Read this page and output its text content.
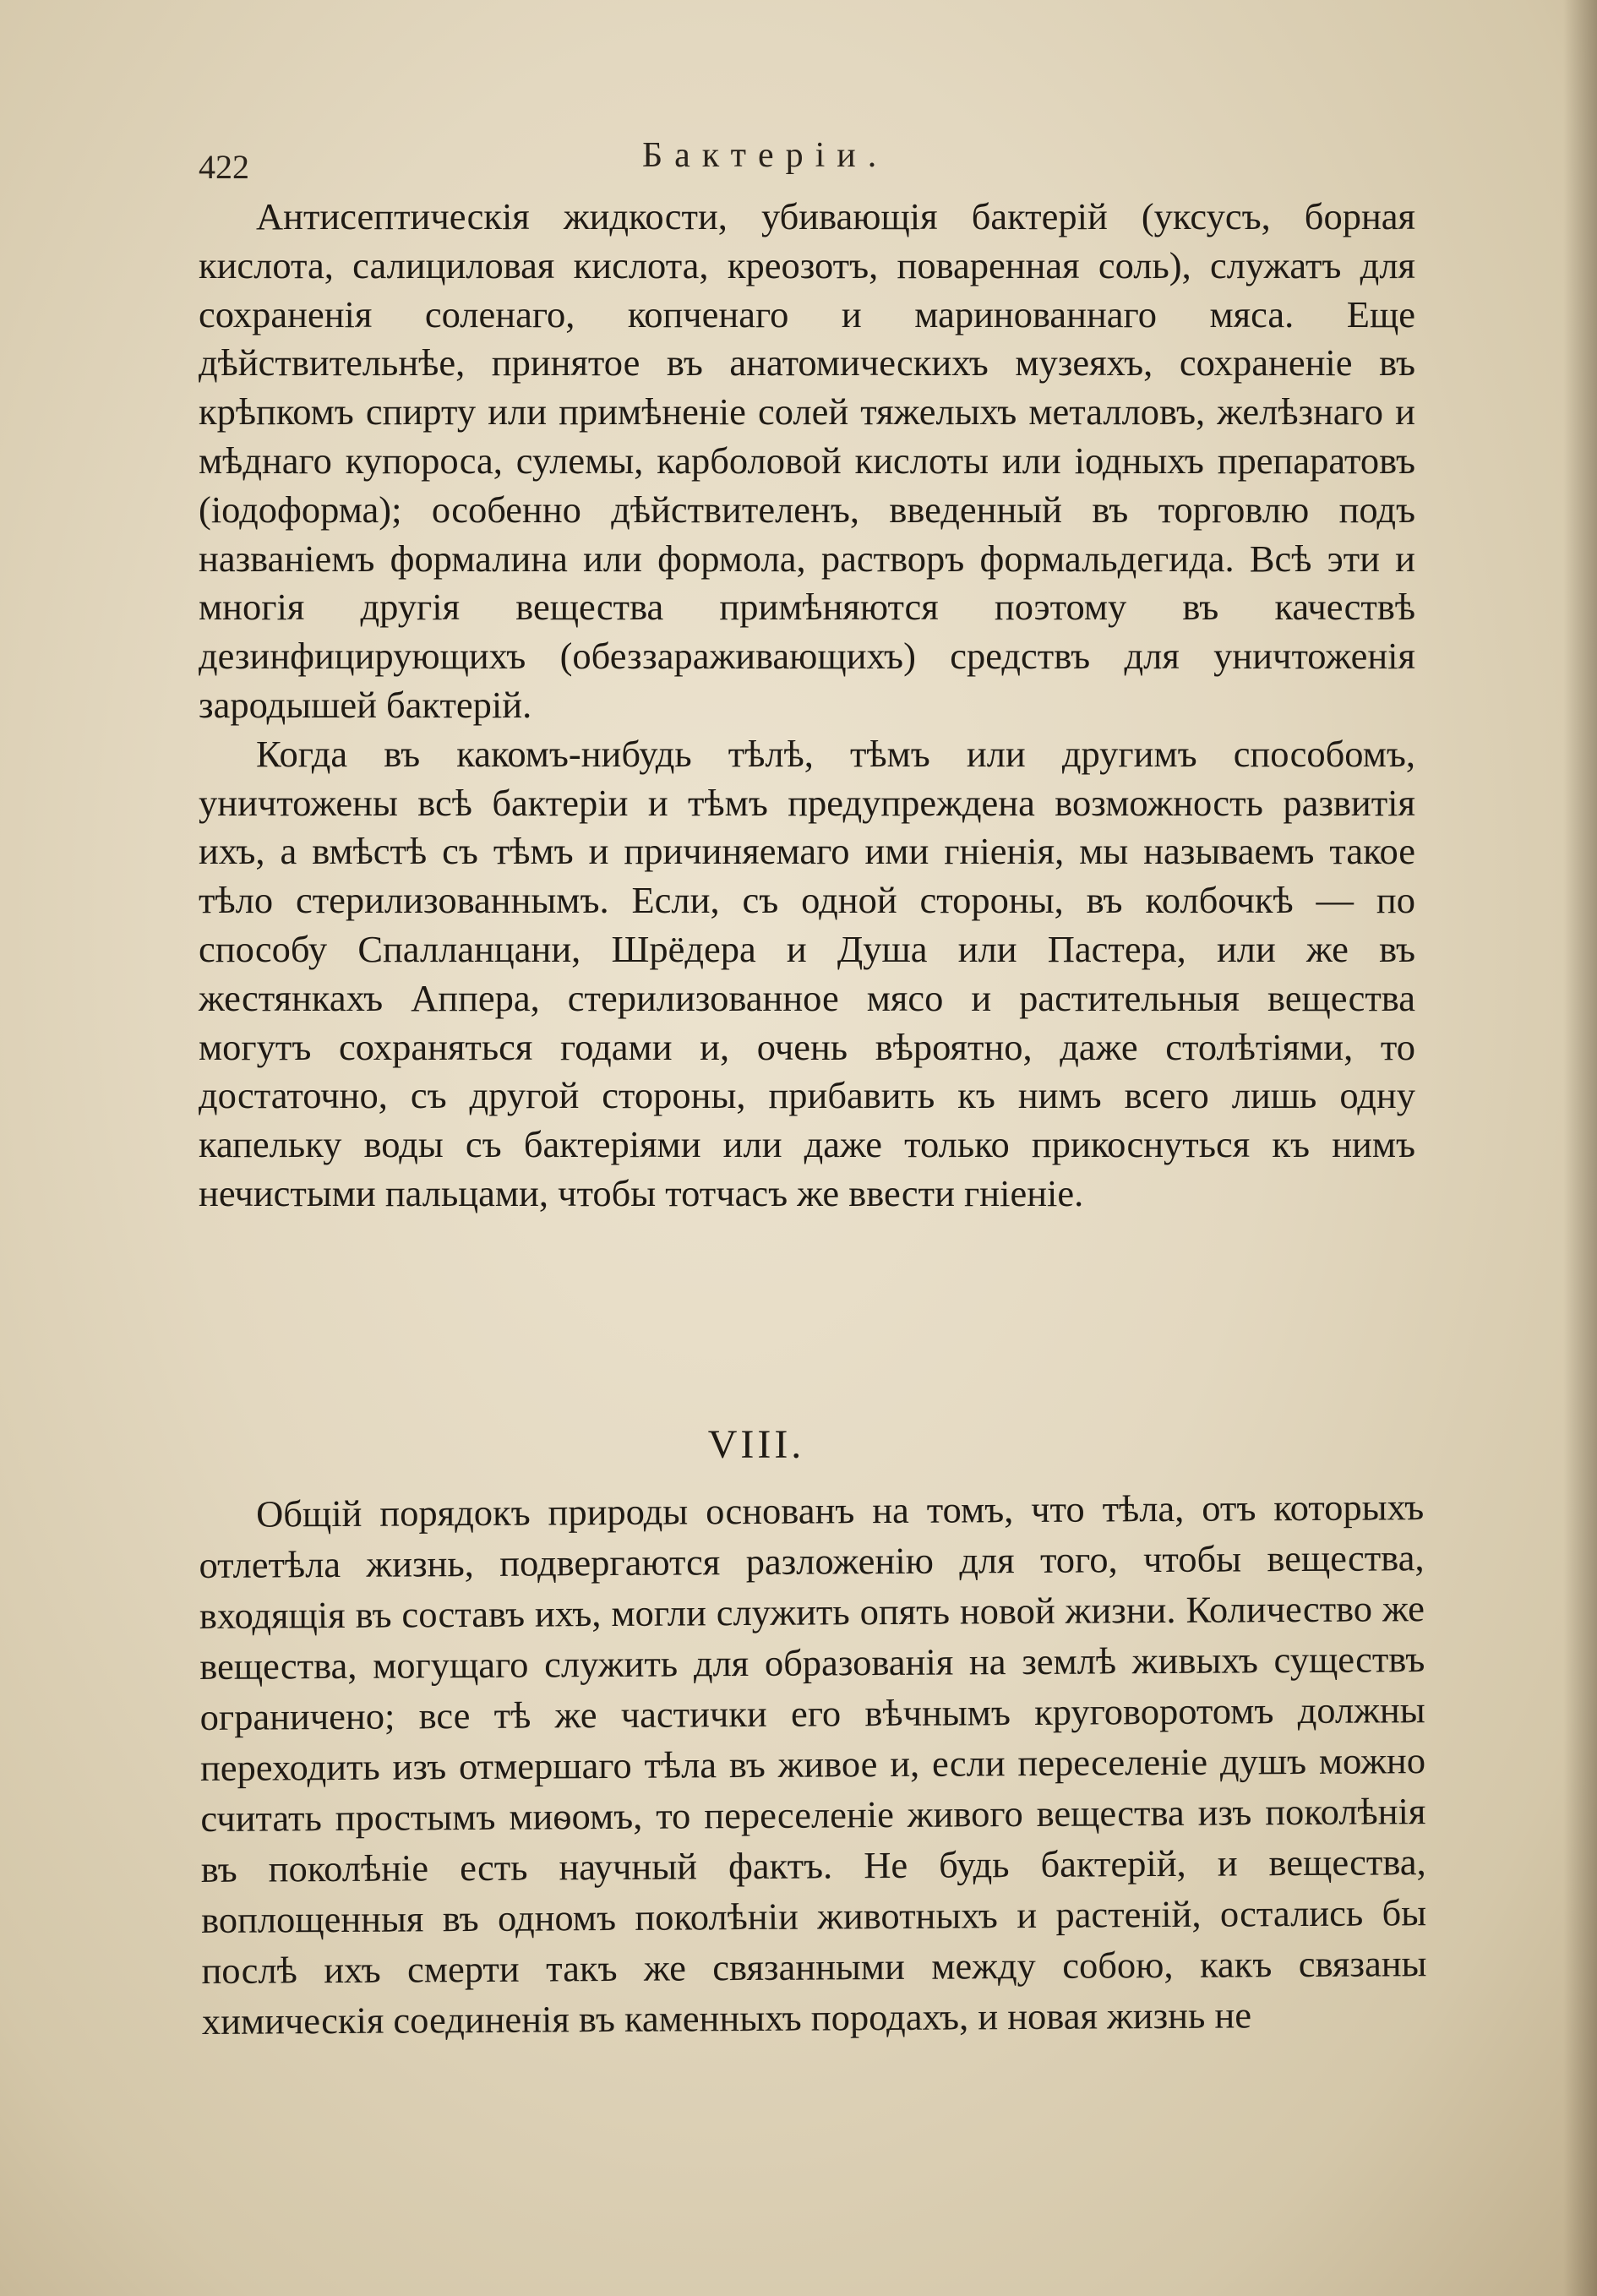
422	Бактеріи.

Антисептическія жидкости, убивающія бактерій (уксусъ, борная кислота, салициловая кислота, креозотъ, поваренная соль), служатъ для сохраненія соленаго, копченаго и маринованнаго мяса. Еще дѣйствительнѣе, принятое въ анатомическихъ музеяхъ, сохраненіе въ крѣпкомъ спирту или примѣненіе солей тяжелыхъ металловъ, желѣзнаго и мѣднаго купороса, сулемы, карболовой кислоты или іодныхъ препаратовъ (іодоформа); особенно дѣйствителенъ, введенный въ торговлю подъ названіемъ формалина или формола, растворъ формальдегида. Всѣ эти и многія другія вещества примѣняются поэтому въ качествѣ дезинфицирующихъ (обеззараживающихъ) средствъ для уничтоженія зародышей бактерій.

Когда въ какомъ-нибудь тѣлѣ, тѣмъ или другимъ способомъ, уничтожены всѣ бактеріи и тѣмъ предупреждена возможность развитія ихъ, а вмѣстѣ съ тѣмъ и причиняемаго ими гніенія, мы называемъ такое тѣло стерилизованнымъ. Если, съ одной стороны, въ колбочкѣ — по способу Спалланцани, Шрёдера и Душа или Пастера, или же въ жестянкахъ Аппера, стерилизованное мясо и растительныя вещества могутъ сохраняться годами и, очень вѣроятно, даже столѣтіями, то достаточно, съ другой стороны, прибавить къ нимъ всего лишь одну капельку воды съ бактеріями или даже только прикоснуться къ нимъ нечистыми пальцами, чтобы тотчасъ же ввести гніеніе.

VIII.

Общій порядокъ природы основанъ на томъ, что тѣла, отъ которыхъ отлетѣла жизнь, подвергаются разложенію для того, чтобы вещества, входящія въ составъ ихъ, могли служить опять новой жизни. Количество же вещества, могущаго служить для образованія на землѣ живыхъ существъ ограничено; все тѣ же частички его вѣчнымъ круговоротомъ должны переходить изъ отмершаго тѣла въ живое и, если переселеніе душъ можно считать простымъ миѳомъ, то переселеніе живого вещества изъ поколѣнія въ поколѣніе есть научный фактъ. Не будь бактерій, и вещества, воплощенныя въ одномъ поколѣніи животныхъ и растеній, остались бы послѣ ихъ смерти такъ же связанными между собою, какъ связаны химическія соединенія въ каменныхъ породахъ, и новая жизнь не
